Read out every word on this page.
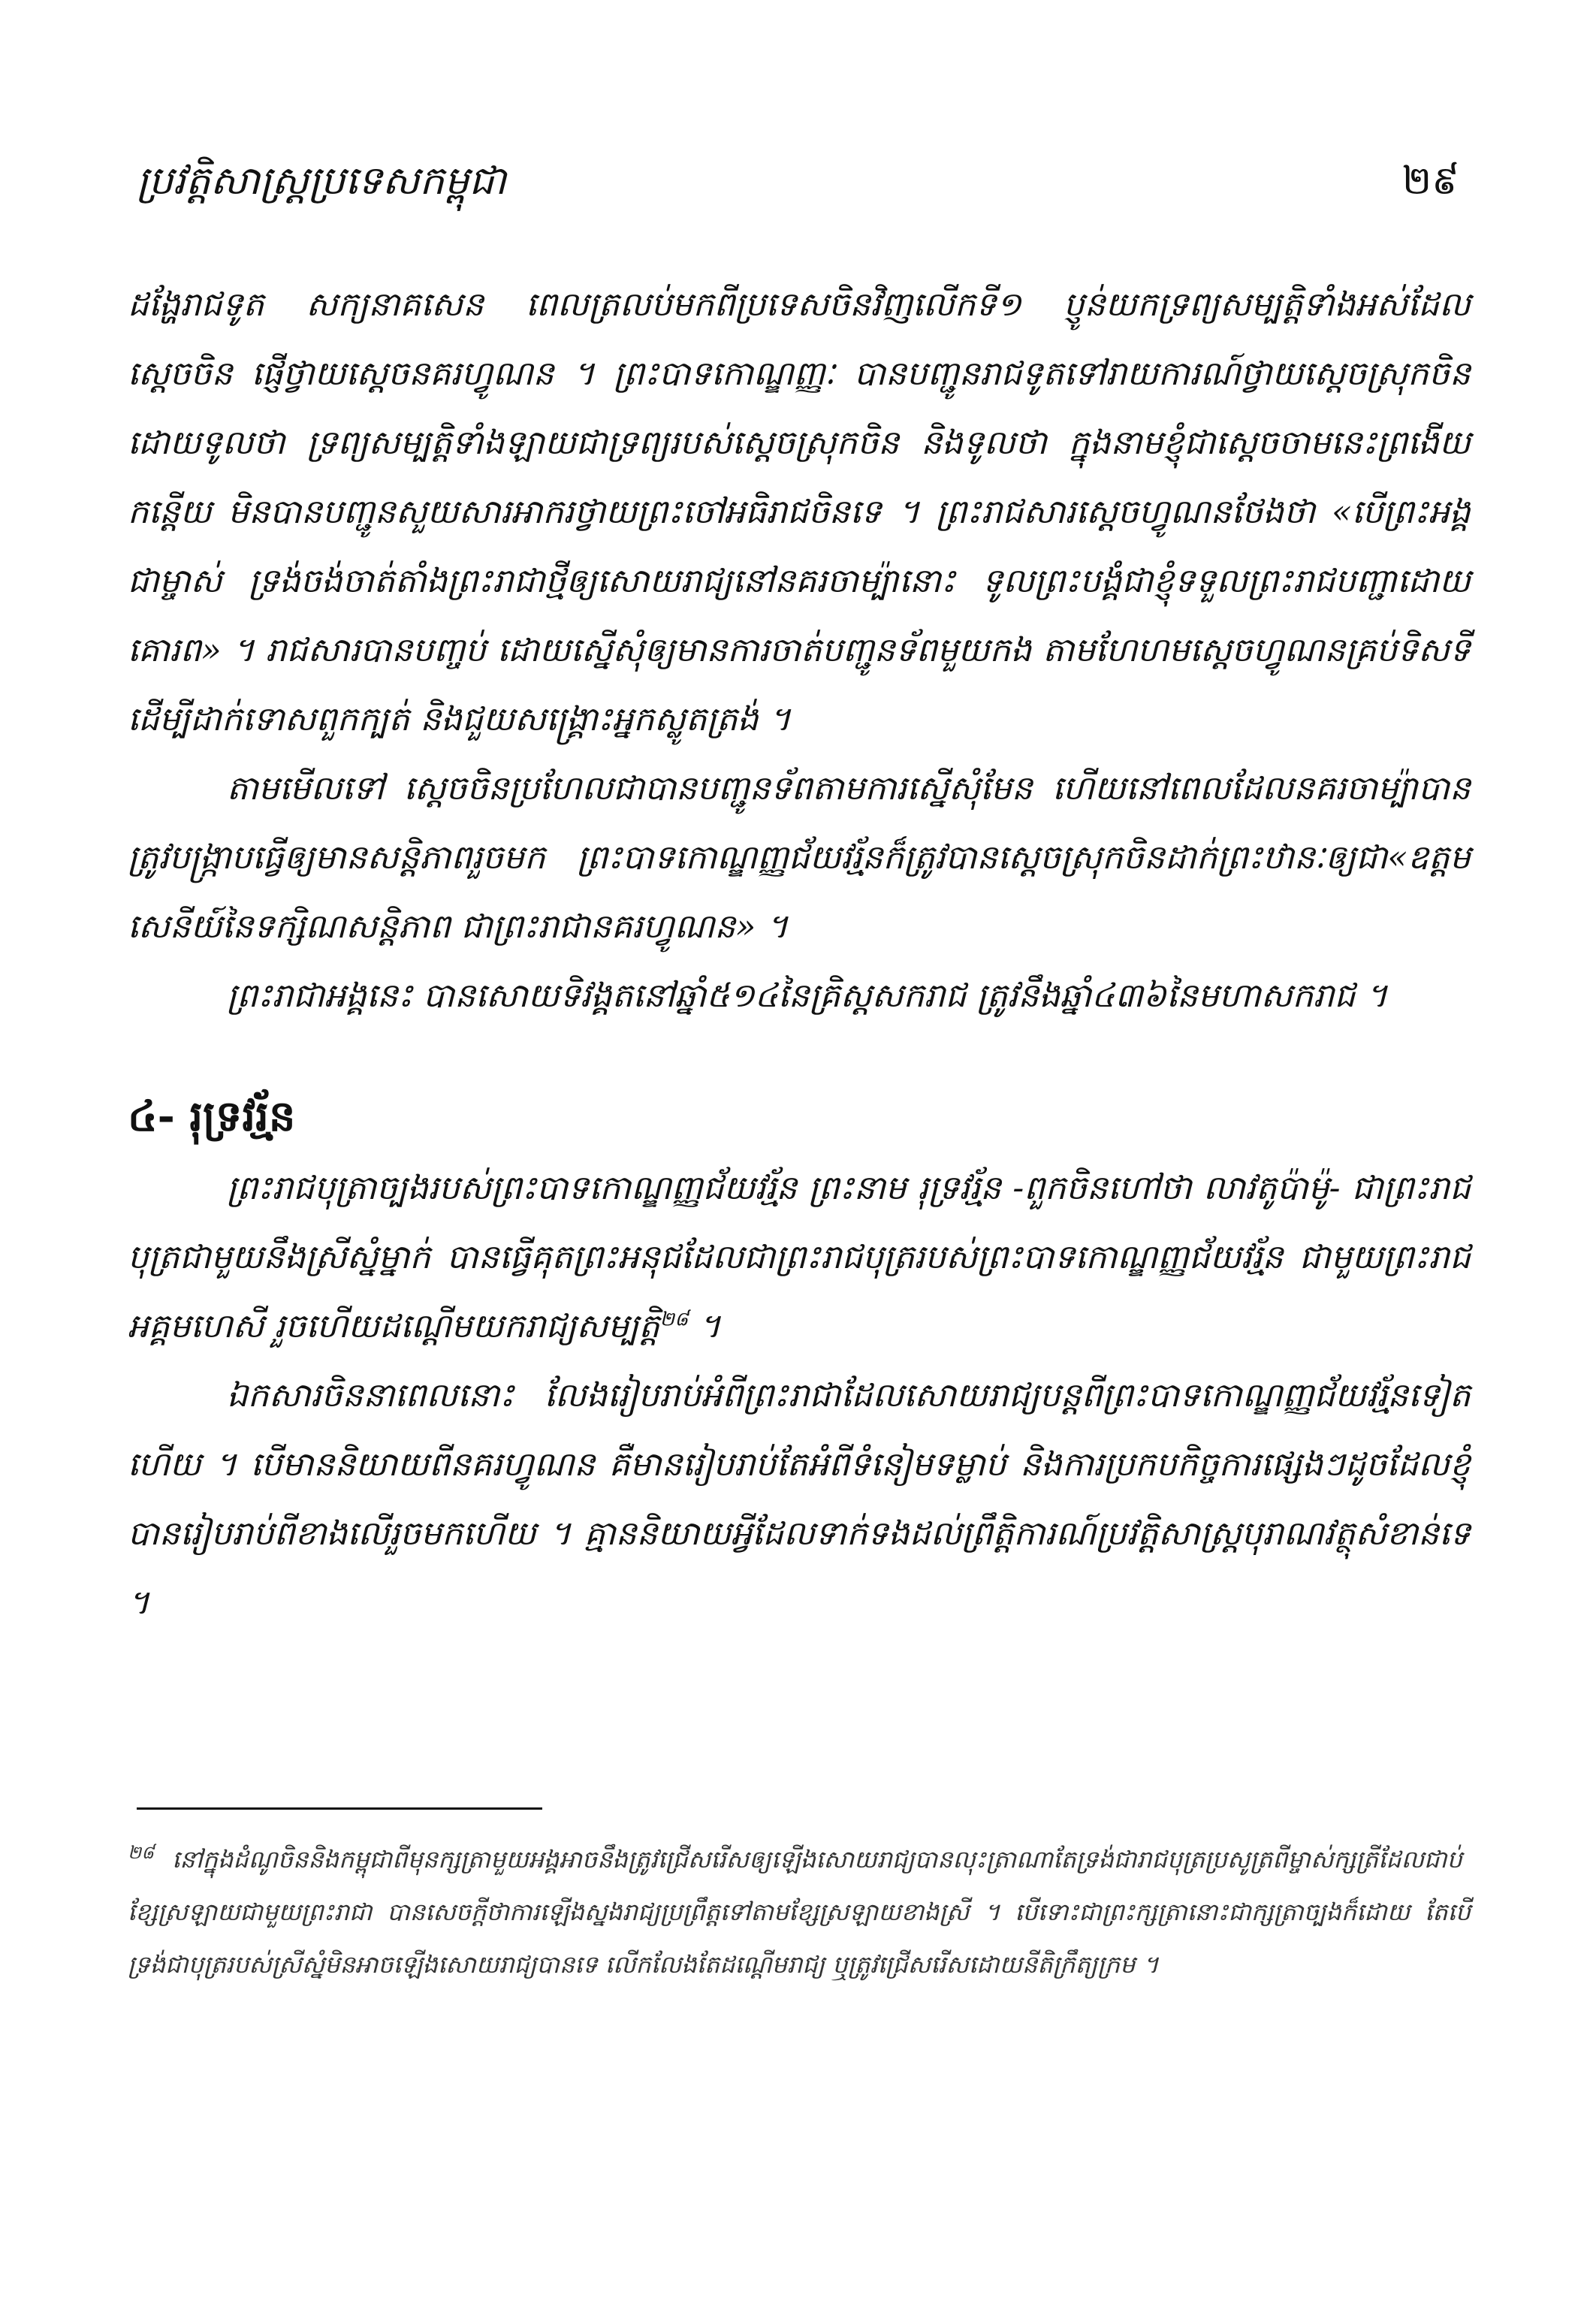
ប្រវត្តិសាស្ត្រប្រទេសកម្ពុជា	២៩

ដង្ហែរាជទូត សក្យនាគសេន ពេលត្រលប់មកពីប្រទេសចិនវិញលើកទី១ ប្ញូន់យកទ្រព្យសម្បត្តិទាំងអស់ដែលស្ដេចចិន ផ្ញើថ្វាយស្ដេចនគរហ្វូណន ។ ព្រះបាទកោណ្ឌញ្ញៈ បានបញ្ជូនរាជទូតទៅរាយការណ៍ថ្វាយស្ដេចស្រុកចិន ដោយទូលថា ទ្រព្យសម្បត្តិទាំងឡាយជាទ្រព្យរបស់ស្ដេចស្រុកចិន និងទូលថា ក្នុងនាមខ្ញុំជាស្ដេចចាមនេះព្រងើយកន្តើយ មិនបានបញ្ជូនសួយសារអាករថ្វាយព្រះចៅអធិរាជចិនទេ ។ ព្រះរាជសារស្ដេចហ្វូណនថែងថា «បើព្រះអង្គជាម្ចាស់ ទ្រង់ចង់ចាត់តាំងព្រះរាជាថ្មីឲ្យសោយរាជ្យនៅនគរចាម្ប៉ានោះ ទូលព្រះបង្គំជាខ្ញុំទទួលព្រះរាជបញ្ជាដោយគោរព» ។ រាជសារបានបញ្ចប់ ដោយស្នើសុំឲ្យមានការចាត់បញ្ជូនទ័ពមួយកង តាមហែហមស្ដេចហ្វូណនគ្រប់ទិសទី ដើម្បីដាក់ទោសពួកក្បត់ និងជួយសង្គ្រោះអ្នកស្លូតត្រង់ ។

តាមមើលទៅ ស្ដេចចិនប្រហែលជាបានបញ្ជូនទ័ពតាមការស្នើសុំមែន ហើយនៅពេលដែលនគរចាម្ប៉ាបានត្រូវបង្ក្រាបធ្វើឲ្យមានសន្តិភាពរួចមក ព្រះបាទកោណ្ឌញ្ញជ័យវរ្ម័នក៏ត្រូវបានស្ដេចស្រុកចិនដាក់ព្រះឋានៈឲ្យជា«ឧត្តមសេនីយ៍នៃទក្សិណសន្តិភាព ជាព្រះរាជានគរហ្វូណន» ។

ព្រះរាជាអង្គនេះ បានសោយទិវង្គតនៅឆ្នាំ៥១៤នៃគ្រិស្តសករាជ ត្រូវនឹងឆ្នាំ៤៣៦នៃមហាសករាជ ។

៤- រុទ្រវរ្ម័ន

ព្រះរាជបុត្រាច្បងរបស់ព្រះបាទកោណ្ឌញ្ញជ័យវរ្ម័ន ព្រះនាម រុទ្រវរ្ម័ន -ពួកចិនហៅថា លាវតូប៉ាម៉ូ- ជាព្រះរាជបុត្រជាមួយនឹងស្រីស្នំម្នាក់ បានធ្វើគុតព្រះអនុជដែលជាព្រះរាជបុត្ររបស់ព្រះបាទកោណ្ឌញ្ញជ័យវរ្ម័ន ជាមួយព្រះរាជអគ្គមហេសី រួចហើយដណ្ដើមយករាជ្យសម្បត្តិ$^{២៨}$ ។

ឯកសារចិននាពេលនោះ លែងរៀបរាប់អំពីព្រះរាជាដែលសោយរាជ្យបន្តពីព្រះបាទកោណ្ឌញ្ញជ័យវរ្ម័នទៀតហើយ ។ បើមាននិយាយពីនគរហ្វូណន គឺមានរៀបរាប់តែអំពីទំនៀមទម្លាប់ និងការប្រកបកិច្ចការផ្សេងៗដូចដែលខ្ញុំបានរៀបរាប់ពីខាងលើរួចមកហើយ ។ គ្មាននិយាយអ្វីដែលទាក់ទងដល់ព្រឹត្តិការណ៍ប្រវត្តិសាស្ត្របុរាណវត្ថុសំខាន់ទេ ។

$^{២៨}$ នៅក្នុងដំណូចិននិងកម្ពុជាពីមុនក្សត្រាមួយអង្គអាចនឹងត្រូវជ្រើសរើសឲ្យឡើងសោយរាជ្យបានលុះត្រាណាតែទ្រង់ជារាជបុត្រប្រសូត្រពីម្ចាស់ក្សត្រីដែលជាប់ខ្សែស្រឡាយជាមួយព្រះរាជា បានសេចក្ដីថាការឡើងស្នងរាជ្យប្រព្រឹត្តទៅតាមខ្សែស្រឡាយខាងស្រី ។ បើទោះជាព្រះក្សត្រានោះជាក្សត្រាច្បងក៏ដោយ តែបើទ្រង់ជាបុត្ររបស់ស្រីស្នំមិនអាចឡើងសោយរាជ្យបានទេ លើកលែងតែដណ្ដើមរាជ្យ ឬត្រូវជ្រើសរើសដោយនីតិក្រឹត្យក្រម ។
